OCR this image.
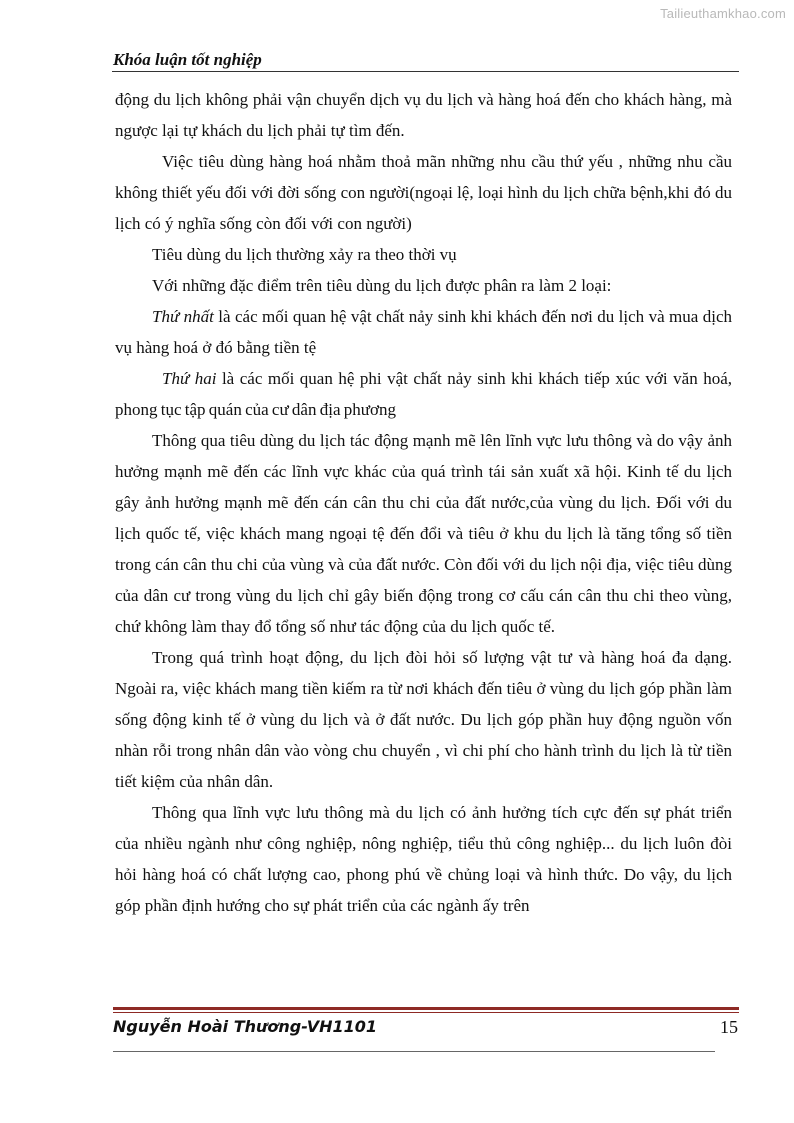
Tailieuthamkhao.com
Khóa luận tốt nghiệp

động du lịch không phải vận chuyển dịch vụ du lịch và hàng hoá đến cho khách hàng, mà ngược lại tự khách du lịch phải tự tìm đến.

Việc tiêu dùng hàng hoá nhằm thoả mãn những nhu cầu thứ yếu , những nhu cầu không thiết yếu đối với đời sống con người(ngoại lệ, loại hình du lịch chữa bệnh,khi đó du lịch có ý nghĩa sống còn đối với con người)

Tiêu dùng du lịch thường xảy ra theo thời vụ

Với những đặc điểm trên tiêu dùng du lịch được phân ra làm 2 loại:

Thứ nhất là các mối quan hệ vật chất nảy sinh khi khách đến nơi du lịch và mua dịch vụ hàng hoá ở đó bằng tiền tệ

Thứ hai là các mối quan hệ phi vật chất nảy sinh khi khách tiếp xúc với văn hoá, phong tục tập quán của cư dân địa phương

Thông qua tiêu dùng du lịch tác động mạnh mẽ lên lĩnh vực lưu thông và do vậy ảnh hưởng mạnh mẽ đến các lĩnh vực khác của quá trình tái sản xuất xã hội. Kinh tế du lịch gây ảnh hưởng mạnh mẽ đến cán cân thu chi của đất nước,của vùng du lịch. Đối với du lịch quốc tế, việc khách mang ngoại tệ đến đổi và tiêu ở khu du lịch là tăng tổng số tiền trong cán cân thu chi của vùng và của đất nước. Còn đối với du lịch nội địa, việc tiêu dùng của dân cư trong vùng du lịch chỉ gây biến động trong cơ cấu cán cân thu chi theo vùng, chứ không làm thay đổ tổng số như tác động của du lịch quốc tế.

Trong quá trình hoạt động, du lịch đòi hỏi số lượng vật tư và hàng hoá đa dạng. Ngoài ra, việc khách mang tiền kiếm ra từ nơi khách đến tiêu ở vùng du lịch góp phần làm sống động kinh tế ở vùng du lịch và ở đất nước. Du lịch góp phần huy động nguồn vốn nhàn rỗi trong nhân dân vào vòng chu chuyển , vì chi phí cho hành trình du lịch là từ tiền tiết kiệm của nhân dân.

Thông qua lĩnh vực lưu thông mà du lịch có ảnh hưởng tích cực đến sự phát triển của nhiều ngành như công nghiệp, nông nghiệp, tiểu thủ công nghiệp... du lịch luôn đòi hỏi hàng hoá có chất lượng cao, phong phú về chủng loại và hình thức. Do vậy, du lịch góp phần định hướng cho sự phát triển của các ngành ấy trên

Nguyễn Hoài Thương-VH1101	15
